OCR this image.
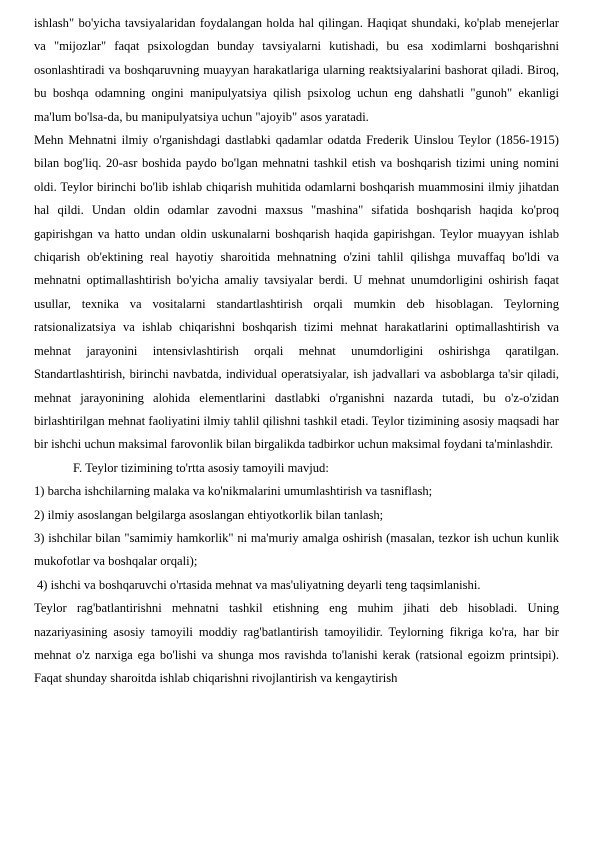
ishlash" bo'yicha tavsiyalaridan foydalangan holda hal qilingan. Haqiqat shundaki, ko'plab menejerlar va "mijozlar" faqat psixologdan bunday tavsiyalarni kutishadi, bu esa xodimlarni boshqarishni osonlashtiradi va boshqaruvning muayyan harakatlariga ularning reaktsiyalarini bashorat qiladi. Biroq, bu boshqa odamning ongini manipulyatsiya qilish psixolog uchun eng dahshatli "gunoh" ekanligi ma'lum bo'lsa-da, bu manipulyatsiya uchun "ajoyib" asos yaratadi.

Mehn Mehnatni ilmiy o'rganishdagi dastlabki qadamlar odatda Frederik Uinslou Teylor (1856-1915) bilan bog'liq. 20-asr boshida paydo bo'lgan mehnatni tashkil etish va boshqarish tizimi uning nomini oldi. Teylor birinchi bo'lib ishlab chiqarish muhitida odamlarni boshqarish muammosini ilmiy jihatdan hal qildi. Undan oldin odamlar zavodni maxsus "mashina" sifatida boshqarish haqida ko'proq gapirishgan va hatto undan oldin uskunalarni boshqarish haqida gapirishgan. Teylor muayyan ishlab chiqarish ob'ektining real hayotiy sharoitida mehnatning o'zini tahlil qilishga muvaffaq bo'ldi va mehnatni optimallashtirish bo'yicha amaliy tavsiyalar berdi. U mehnat unumdorligini oshirish faqat usullar, texnika va vositalarni standartlashtirish orqali mumkin deb hisoblagan. Teylorning ratsionalizatsiya va ishlab chiqarishni boshqarish tizimi mehnat harakatlarini optimallashtirish va mehnat jarayonini intensivlashtirish orqali mehnat unumdorligini oshirishga qaratilgan. Standartlashtirish, birinchi navbatda, individual operatsiyalar, ish jadvallari va asboblarga ta'sir qiladi, mehnat jarayonining alohida elementlarini dastlabki o'rganishni nazarda tutadi, bu o'z-o'zidan birlashtirilgan mehnat faoliyatini ilmiy tahlil qilishni tashkil etadi. Teylor tizimining asosiy maqsadi har bir ishchi uchun maksimal farovonlik bilan birgalikda tadbirkor uchun maksimal foydani ta'minlashdir.

F. Teylor tizimining to'rtta asosiy tamoyili mavjud:

1) barcha ishchilarning malaka va ko'nikmalarini umumlashtirish va tasniflash;

2) ilmiy asoslangan belgilarga asoslangan ehtiyotkorlik bilan tanlash;

3) ishchilar bilan "samimiy hamkorlik" ni ma'muriy amalga oshirish (masalan, tezkor ish uchun kunlik mukofotlar va boshqalar orqali);

4) ishchi va boshqaruvchi o'rtasida mehnat va mas'uliyatning deyarli teng taqsimlanishi.

Teylor rag'batlantirishni mehnatni tashkil etishning eng muhim jihati deb hisobladi. Uning nazariyasining asosiy tamoyili moddiy rag'batlantirish tamoyilidir. Teylorning fikriga ko'ra, har bir mehnat o'z narxiga ega bo'lishi va shunga mos ravishda to'lanishi kerak (ratsional egoizm printsipi). Faqat shunday sharoitda ishlab chiqarishni rivojlantirish va kengaytirish
